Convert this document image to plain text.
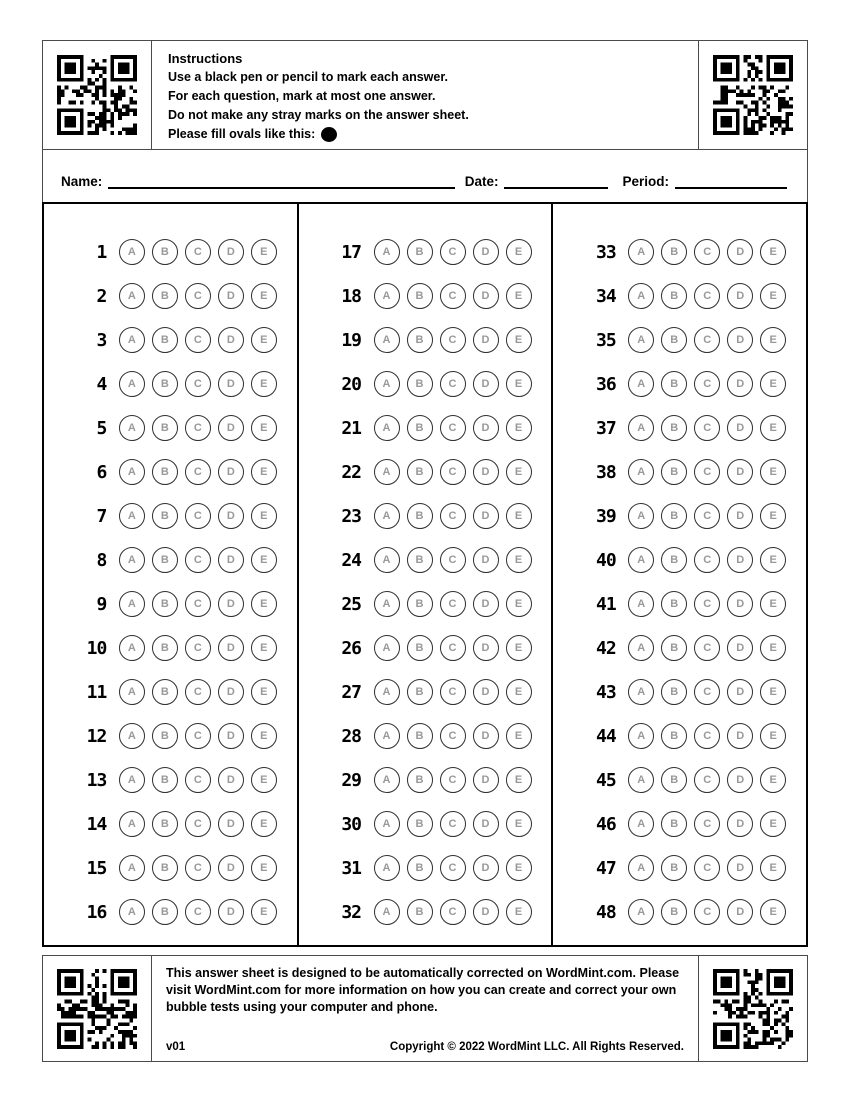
Instructions
Use a black pen or pencil to mark each answer.
For each question, mark at most one answer.
Do not make any stray marks on the answer sheet.
Please fill ovals like this:
Name:	Date:	Period:
1 A B C D E
2 A B C D E
3 A B C D E
4 A B C D E
5 A B C D E
6 A B C D E
7 A B C D E
8 A B C D E
9 A B C D E
10 A B C D E
11 A B C D E
12 A B C D E
13 A B C D E
14 A B C D E
15 A B C D E
16 A B C D E
17 A B C D E
18 A B C D E
19 A B C D E
20 A B C D E
21 A B C D E
22 A B C D E
23 A B C D E
24 A B C D E
25 A B C D E
26 A B C D E
27 A B C D E
28 A B C D E
29 A B C D E
30 A B C D E
31 A B C D E
32 A B C D E
33 A B C D E
34 A B C D E
35 A B C D E
36 A B C D E
37 A B C D E
38 A B C D E
39 A B C D E
40 A B C D E
41 A B C D E
42 A B C D E
43 A B C D E
44 A B C D E
45 A B C D E
46 A B C D E
47 A B C D E
48 A B C D E
This answer sheet is designed to be automatically corrected on WordMint.com. Please visit WordMint.com for more information on how you can create and correct your own bubble tests using your computer and phone.
v01	Copyright © 2022 WordMint LLC. All Rights Reserved.
